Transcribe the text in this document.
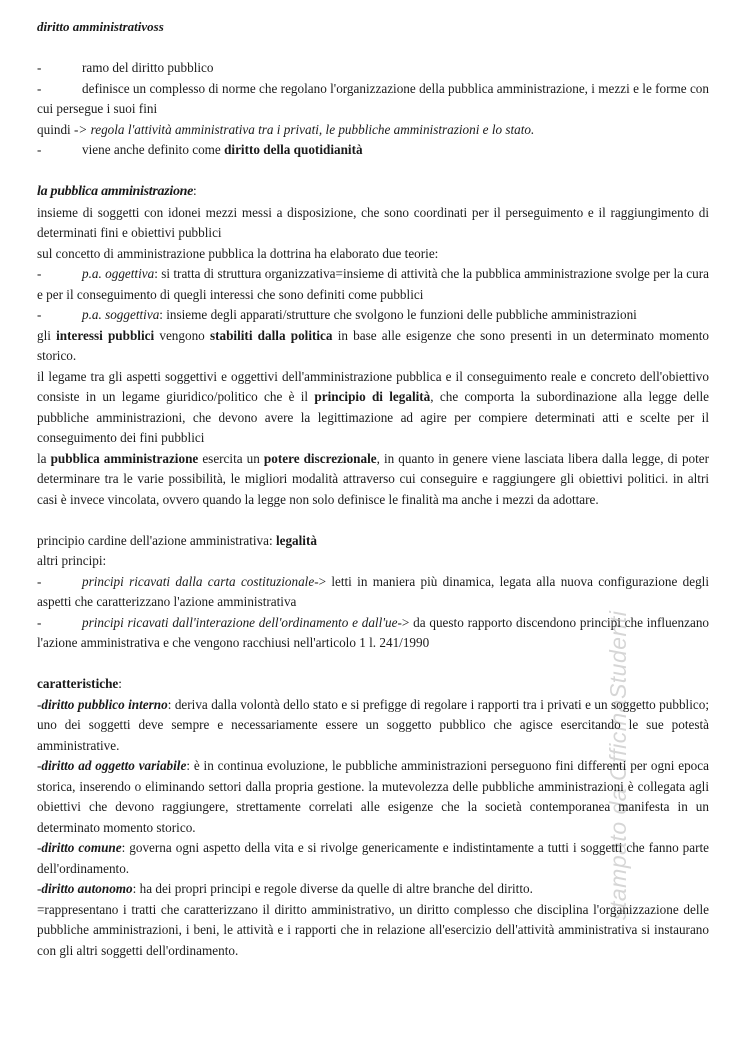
stampato da OfficinaStudenti

diritto amministrativoss

-	ramo del diritto pubblico

-	definisce un complesso di norme che regolano l'organizzazione della pubblica amministrazione, i mezzi e le forme con cui persegue i suoi fini

quindi -> regola l'attività amministrativa tra i privati, le pubbliche amministrazioni e lo stato.

-	viene anche definito come diritto della quotidianità

la pubblica amministrazione:

insieme di soggetti con idonei mezzi messi a disposizione, che sono coordinati per il perseguimento e il raggiungimento di determinati fini e obiettivi pubblici

sul concetto di amministrazione pubblica la dottrina ha elaborato due teorie:

-	p.a. oggettiva: si tratta di struttura organizzativa=insieme di attività che la pubblica amministrazione svolge per la cura e per il conseguimento di quegli interessi che sono definiti come pubblici

-	p.a. soggettiva: insieme degli apparati/strutture che svolgono le funzioni delle pubbliche amministrazioni

gli interessi pubblici vengono stabiliti dalla politica in base alle esigenze che sono presenti in un determinato momento storico.

il legame tra gli aspetti soggettivi e oggettivi dell'amministrazione pubblica e il conseguimento reale e concreto dell'obiettivo consiste in un legame giuridico/politico che è il principio di legalità, che comporta la subordinazione alla legge delle pubbliche amministrazioni, che devono avere la legittimazione ad agire per compiere determinati atti e scelte per il conseguimento dei fini pubblici

la pubblica amministrazione esercita un potere discrezionale, in quanto in genere viene lasciata libera dalla legge, di poter determinare tra le varie possibilità, le migliori modalità attraverso cui conseguire e raggiungere gli obiettivi politici. in altri casi è invece vincolata, ovvero quando la legge non solo definisce le finalità ma anche i mezzi da adottare.

principio cardine dell'azione amministrativa: legalità

altri principi:

-	principi ricavati dalla carta costituzionale-> letti in maniera più dinamica, legata alla nuova configurazione degli aspetti che caratterizzano l'azione amministrativa

-	principi ricavati dall'interazione dell'ordinamento e dall'ue-> da questo rapporto discendono principi che influenzano l'azione amministrativa e che vengono racchiusi nell'articolo 1 l. 241/1990

caratteristiche:

-diritto pubblico interno: deriva dalla volontà dello stato e si prefigge di regolare i rapporti tra i privati e un soggetto pubblico; uno dei soggetti deve sempre e necessariamente essere un soggetto pubblico che agisce esercitando le sue potestà amministrative.

-diritto ad oggetto variabile: è in continua evoluzione, le pubbliche amministrazioni perseguono fini differenti per ogni epoca storica, inserendo o eliminando settori dalla propria gestione. la mutevolezza delle pubbliche amministrazioni è collegata agli obiettivi che devono raggiungere, strettamente correlati alle esigenze che la società contemporanea manifesta in un determinato momento storico.

-diritto comune: governa ogni aspetto della vita e si rivolge genericamente e indistintamente a tutti i soggetti che fanno parte dell'ordinamento.

-diritto autonomo: ha dei propri principi e regole diverse da quelle di altre branche del diritto.

=rappresentano i tratti che caratterizzano il diritto amministrativo, un diritto complesso che disciplina l'organizzazione delle pubbliche amministrazioni, i beni, le attività e i rapporti che in relazione all'esercizio dell'attività amministrativa si instaurano con gli altri soggetti dell'ordinamento.
